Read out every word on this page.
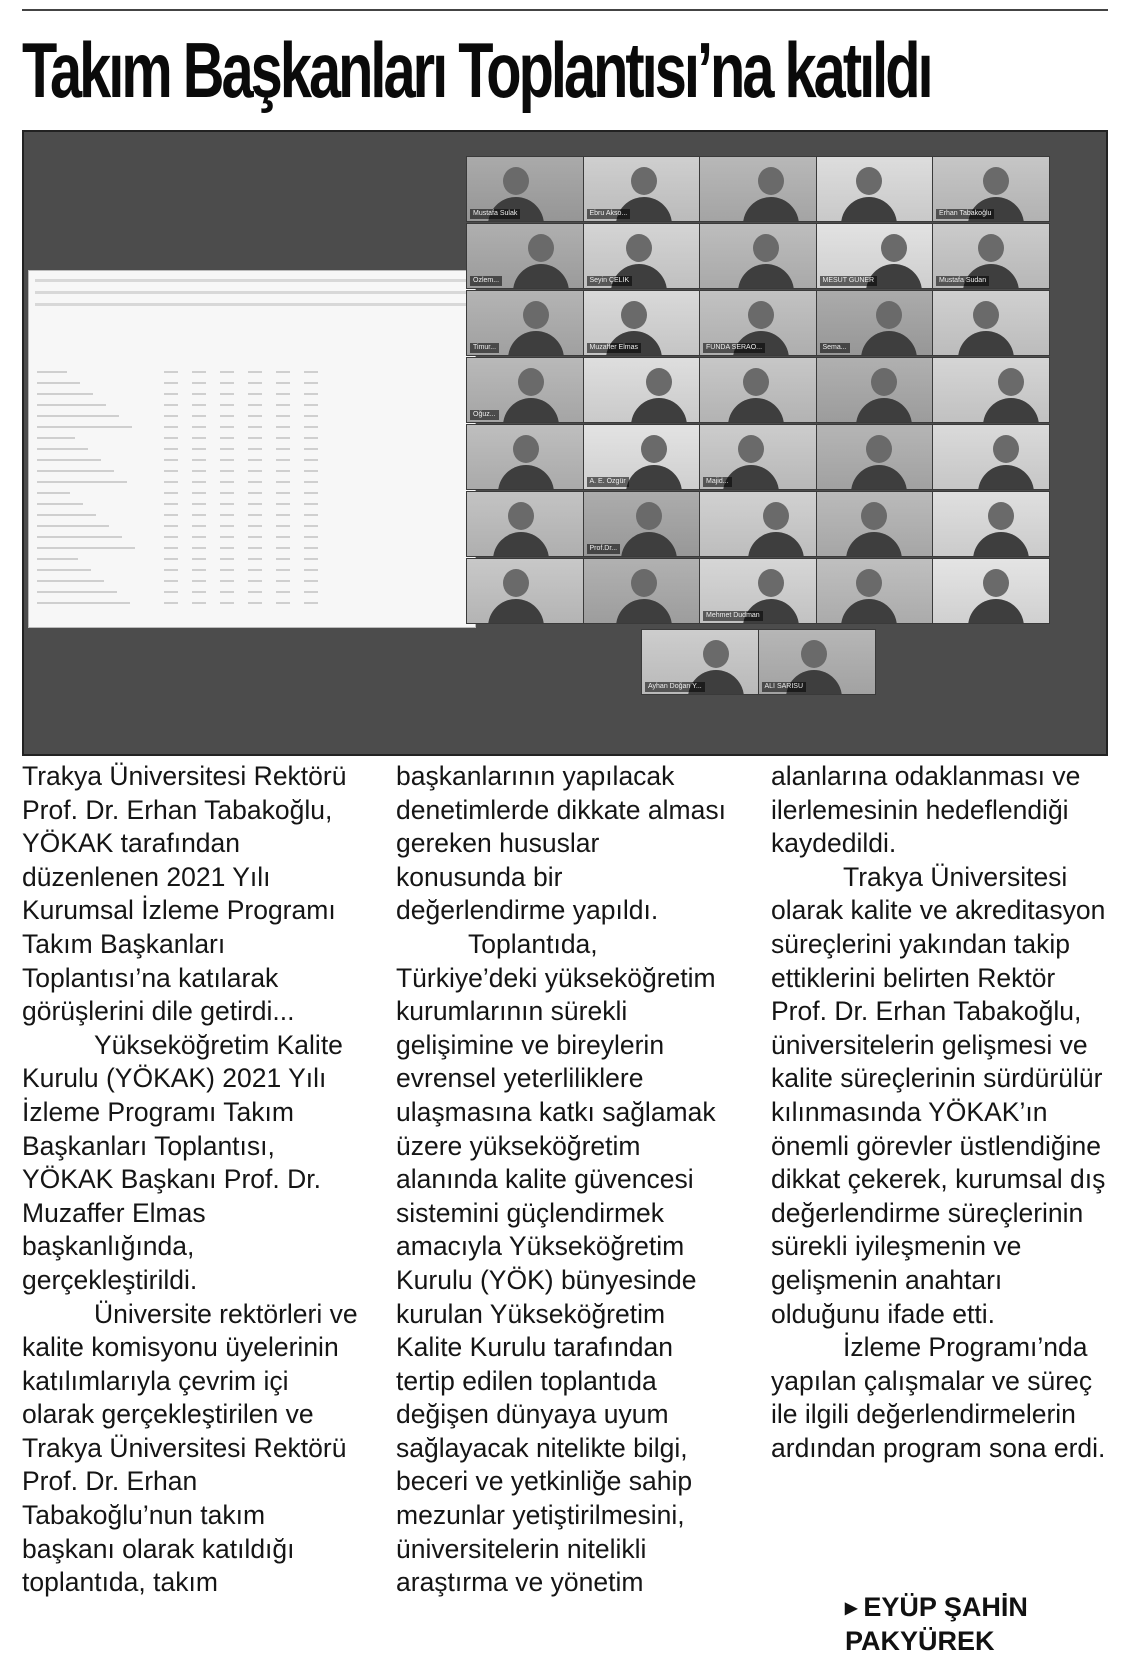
Takım Başkanları Toplantısı’na katıldı
Mustafa Sulak	Ebru Akso...	Erhan Tabakoğlu
Ozlem...	Seyin ÇELİK	MESUT GÜNER	Mustafa Sudan
Timur...	Muzaffer Elmas	FUNDA SERAO...	Sema...
Oğuz...
A. E. Özgür	Majid...
Prof.Dr...
Mehmet Dudman
Ayhan Doğan Y...	ALİ SARISU

Trakya Üniversitesi Rektörü Prof. Dr. Erhan Tabakoğlu, YÖKAK tarafından düzenlenen 2021 Yılı Kurumsal İzleme Programı Takım Başkanları Toplantısı’na katılarak görüşlerini dile getirdi...

Yükseköğretim Kalite Kurulu (YÖKAK) 2021 Yılı İzleme Programı Takım Başkanları Toplantısı, YÖKAK Başkanı Prof. Dr. Muzaffer Elmas başkanlığında, gerçekleştirildi.

Üniversite rektörleri ve kalite komisyonu üyelerinin katılımlarıyla çevrim içi olarak gerçekleştirilen ve Trakya Üniversitesi Rektörü Prof. Dr. Erhan Tabakoğlu’nun takım başkanı olarak katıldığı toplantıda, takım

başkanlarının yapılacak denetimlerde dikkate alması gereken hususlar konusunda bir değerlendirme yapıldı.

Toplantıda, Türkiye’deki yükseköğretim kurumlarının sürekli gelişimine ve bireylerin evrensel yeterliliklere ulaşmasına katkı sağlamak üzere yükseköğretim alanında kalite güvencesi sistemini güçlendirmek amacıyla Yükseköğretim Kurulu (YÖK) bünyesinde kurulan Yükseköğretim Kalite Kurulu tarafından tertip edilen toplantıda değişen dünyaya uyum sağlayacak nitelikte bilgi, beceri ve yetkinliğe sahip mezunlar yetiştirilmesini, üniversitelerin nitelikli araştırma ve yönetim

alanlarına odaklanması ve ilerlemesinin hedeflendiği kaydedildi.

Trakya Üniversitesi olarak kalite ve akreditasyon süreçlerini yakından takip ettiklerini belirten Rektör Prof. Dr. Erhan Tabakoğlu, üniversitelerin gelişmesi ve kalite süreçlerinin sürdürülür kılınmasında YÖKAK’ın önemli görevler üstlendiğine dikkat çekerek, kurumsal dış değerlendirme süreçlerinin sürekli iyileşmenin ve gelişmenin anahtarı olduğunu ifade etti.

İzleme Programı’nda yapılan çalışmalar ve süreç ile ilgili değerlendirmelerin ardından program sona erdi.

▶ EYÜP ŞAHİN
PAKYÜREK
